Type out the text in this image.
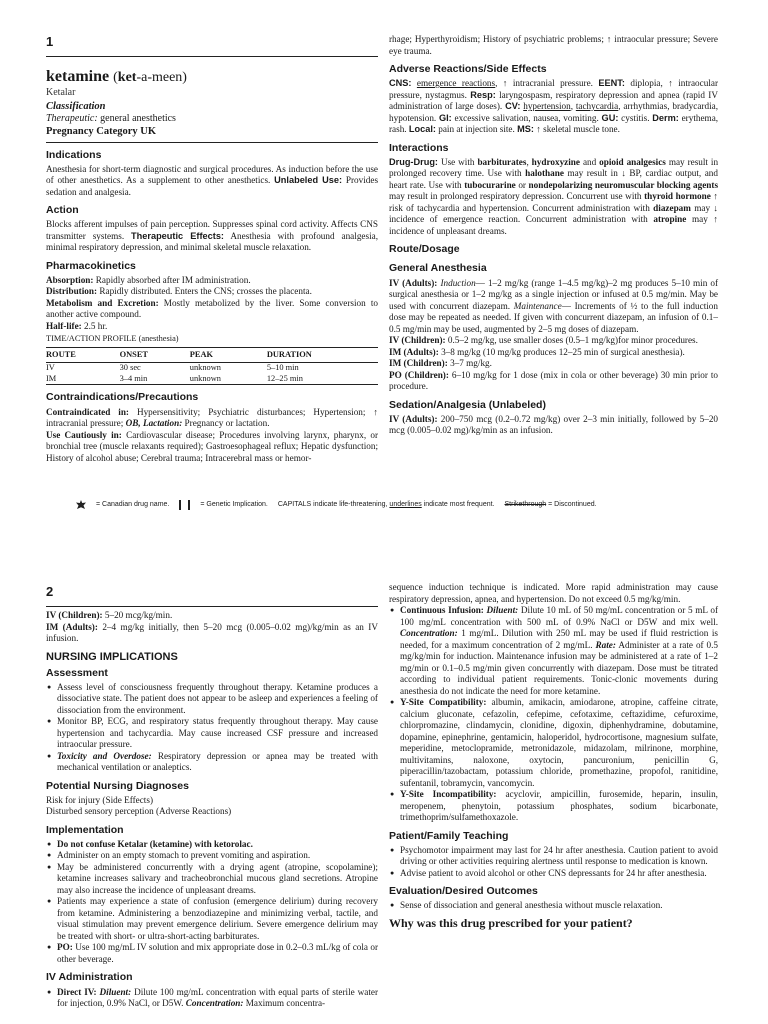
1
ketamine (ket-a-meen)
Ketalar
Classification
Therapeutic: general anesthetics
Pregnancy Category UK
Indications
Anesthesia for short-term diagnostic and surgical procedures. As induction before the use of other anesthetics. As a supplement to other anesthetics. Unlabeled Use: Provides sedation and analgesia.
Action
Blocks afferent impulses of pain perception. Suppresses spinal cord activity. Affects CNS transmitter systems. Therapeutic Effects: Anesthesia with profound analgesia, minimal respiratory depression, and minimal skeletal muscle relaxation.
Pharmacokinetics
Absorption: Rapidly absorbed after IM administration.
Distribution: Rapidly distributed. Enters the CNS; crosses the placenta.
Metabolism and Excretion: Mostly metabolized by the liver. Some conversion to another active compound.
Half-life: 2.5 hr.
TIME/ACTION PROFILE (anesthesia)
ROUTE	ONSET	PEAK	DURATION
IV	30 sec	unknown	5–10 min
IM	3–4 min	unknown	12–25 min
Contraindications/Precautions
Contraindicated in: Hypersensitivity; Psychiatric disturbances; Hypertension; ↑ intracranial pressure; OB, Lactation: Pregnancy or lactation.
Use Cautiously in: Cardiovascular disease; Procedures involving larynx, pharynx, or bronchial tree (muscle relaxants required); Gastroesophageal reflux; Hepatic dysfunction; History of alcohol abuse; Cerebral trauma; Intracerebral mass or hemor-
rhage; Hyperthyroidism; History of psychiatric problems; ↑ intraocular pressure; Severe eye trauma.
Adverse Reactions/Side Effects
CNS: emergence reactions, ↑ intracranial pressure. EENT: diplopia, ↑ intraocular pressure, nystagmus. Resp: laryngospasm, respiratory depression and apnea (rapid IV administration of large doses). CV: hypertension, tachycardia, arrhythmias, bradycardia, hypotension. GI: excessive salivation, nausea, vomiting. GU: cystitis. Derm: erythema, rash. Local: pain at injection site. MS: ↑ skeletal muscle tone.
Interactions
Drug-Drug: Use with barbiturates, hydroxyzine and opioid analgesics may result in prolonged recovery time. Use with halothane may result in ↓ BP, cardiac output, and heart rate. Use with tubocurarine or nondepolarizing neuromuscular blocking agents may result in prolonged respiratory depression. Concurrent use with thyroid hormone ↑ risk of tachycardia and hypertension. Concurrent administration with diazepam may ↓ incidence of emergence reaction. Concurrent administration with atropine may ↑ incidence of unpleasant dreams.
Route/Dosage
General Anesthesia
IV (Adults): Induction— 1–2 mg/kg (range 1–4.5 mg/kg)–2 mg produces 5–10 min of surgical anesthesia or 1–2 mg/kg as a single injection or infused at 0.5 mg/min. May be used with concurrent diazepam. Maintenance— Increments of ½ to the full induction dose may be repeated as needed. If given with concurrent diazepam, an infusion of 0.1–0.5 mg/min may be used, augmented by 2–5 mg doses of diazepam.
IV (Children): 0.5–2 mg/kg, use smaller doses (0.5–1 mg/kg)for minor procedures.
IM (Adults): 3–8 mg/kg (10 mg/kg produces 12–25 min of surgical anesthesia).
IM (Children): 3–7 mg/kg.
PO (Children): 6–10 mg/kg for 1 dose (mix in cola or other beverage) 30 min prior to procedure.
Sedation/Analgesia (Unlabeled)
IV (Adults): 200–750 mcg (0.2–0.72 mg/kg) over 2–3 min initially, followed by 5–20 mcg (0.005–0.02 mg)/kg/min as an infusion.
= Canadian drug name.	= Genetic Implication. CAPITALS indicate life-threatening, underlines indicate most frequent. Strikethrough = Discontinued.
2
IV (Children): 5–20 mcg/kg/min.
IM (Adults): 2–4 mg/kg initially, then 5–20 mcg (0.005–0.02 mg)/kg/min as an IV infusion.
NURSING IMPLICATIONS
Assessment
● Assess level of consciousness frequently throughout therapy. Ketamine produces a dissociative state. The patient does not appear to be asleep and experiences a feeling of dissociation from the environment.
● Monitor BP, ECG, and respiratory status frequently throughout therapy. May cause hypertension and tachycardia. May cause increased CSF pressure and increased intraocular pressure.
● Toxicity and Overdose: Respiratory depression or apnea may be treated with mechanical ventilation or analeptics.
Potential Nursing Diagnoses
Risk for injury (Side Effects)
Disturbed sensory perception (Adverse Reactions)
Implementation
● Do not confuse Ketalar (ketamine) with ketorolac.
● Administer on an empty stomach to prevent vomiting and aspiration.
● May be administered concurrently with a drying agent (atropine, scopolamine); ketamine increases salivary and tracheobronchial mucous gland secretions. Atropine may also increase the incidence of unpleasant dreams.
● Patients may experience a state of confusion (emergence delirium) during recovery from ketamine. Administering a benzodiazepine and minimizing verbal, tactile, and visual stimulation may prevent emergence delirium. Severe emergence delirium may be treated with short- or ultra-short-acting barbiturates.
● PO: Use 100 mg/mL IV solution and mix appropriate dose in 0.2–0.3 mL/kg of cola or other beverage.
IV Administration
● Direct IV: Diluent: Dilute 100 mg/mL concentration with equal parts of sterile water for injection, 0.9% NaCl, or D5W. Concentration: Maximum concentra-
sequence induction technique is indicated. More rapid administration may cause respiratory depression, apnea, and hypertension. Do not exceed 0.5 mg/kg/min.
● Continuous Infusion: Diluent: Dilute 10 mL of 50 mg/mL concentration or 5 mL of 100 mg/mL concentration with 500 mL of 0.9% NaCl or D5W and mix well. Concentration: 1 mg/mL. Dilution with 250 mL may be used if fluid restriction is needed, for a maximum concentration of 2 mg/mL. Rate: Administer at a rate of 0.5 mg/kg/min for induction. Maintenance infusion may be administered at a rate of 1–2 mg/min or 0.1–0.5 mg/min given concurrently with diazepam. Dose must be titrated according to individual patient requirements. Tonic-clonic movements during anesthesia do not indicate the need for more ketamine.
● Y-Site Compatibility: albumin, amikacin, amiodarone, atropine, caffeine citrate, calcium gluconate, cefazolin, cefepime, cefotaxime, ceftazidime, cefuroxime, chlorpromazine, clindamycin, clonidine, digoxin, diphenhydramine, dobutamine, dopamine, epinephrine, gentamicin, haloperidol, hydrocortisone, magnesium sulfate, meperidine, metoclopramide, metronidazole, midazolam, milrinone, morphine, multivitamins, naloxone, oxytocin, pancuronium, penicillin G, piperacillin/tazobactam, potassium chloride, promethazine, propofol, ranitidine, sufentanil, tobramycin, vancomycin.
● Y-Site Incompatibility: acyclovir, ampicillin, furosemide, heparin, insulin, meropenem, phenytoin, potassium phosphates, sodium bicarbonate, trimethoprim/sulfamethoxazole.
Patient/Family Teaching
● Psychomotor impairment may last for 24 hr after anesthesia. Caution patient to avoid driving or other activities requiring alertness until response to medication is known.
● Advise patient to avoid alcohol or other CNS depressants for 24 hr after anesthesia.
Evaluation/Desired Outcomes
● Sense of dissociation and general anesthesia without muscle relaxation.
Why was this drug prescribed for your patient?
